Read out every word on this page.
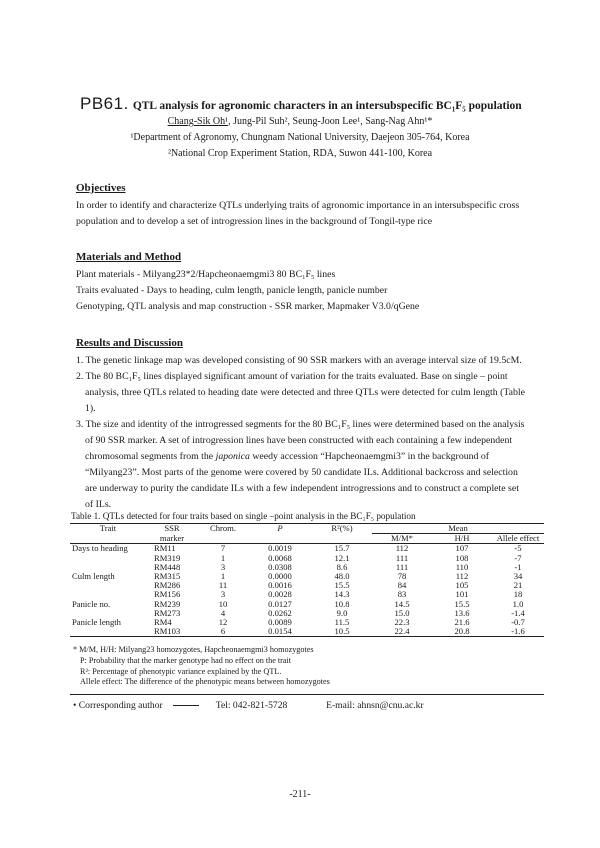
PB61. QTL analysis for agronomic characters in an intersubspecific BC₁F₅ population
Chang-Sik Oh¹, Jung-Pil Suh², Seung-Joon Lee¹, Sang-Nag Ahn¹*
¹Department of Agronomy, Chungnam National University, Daejeon 305-764, Korea
²National Crop Experiment Station, RDA, Suwon 441-100, Korea
Objectives
In order to identify and characterize QTLs underlying traits of agronomic importance in an intersubspecific cross population and to develop a set of introgression lines in the background of Tongil-type rice
Materials and Method
Plant materials - Milyang23*2/Hapcheonaemgmi3 80 BC₁F₅ lines
Traits evaluated - Days to heading, culm length, panicle length, panicle number
Genotyping, QTL analysis and map construction - SSR marker, Mapmaker V3.0/qGene
Results and Discussion

1. The genetic linkage map was developed consisting of 90 SSR markers with an average interval size of 19.5cM.

2. The 80 BC₁F₅ lines displayed significant amount of variation for the traits evaluated. Base on single – point analysis, three QTLs related to heading date were detected and three QTLs were detected for culm length (Table 1).

3. The size and identity of the introgressed segments for the 80 BC₁F₅ lines were determined based on the analysis of 90 SSR marker. A set of introgression lines have been constructed with each containing a few independent chromosomal segments from the japonica weedy accession “Hapcheonaemgmi3” in the background of “Milyang23”. Most parts of the genome were covered by 50 candidate ILs. Additional backcross and selection are underway to purity the candidate ILs with a few independent introgressions and to construct a complete set of ILs.

Table 1. QTLs detected for four traits based on single –point analysis in the BC₁F₅ population
Trait	SSR	Chrom.	P	R²(%)	Mean		
	marker				M/M*	H/H	Allele effect
Days to heading	RM11	7	0.0019	15.7	112	107	-5
	RM319	1	0.0068	12.1	111	108	-7
	RM448	3	0.0308	8.6	111	110	-1
Culm length	RM315	1	0.0000	48.0	78	112	34
	RM286	11	0.0016	15.5	84	105	21
	RM156	3	0.0028	14.3	83	101	18
Panicle no.	RM239	10	0.0127	10.8	14.5	15.5	1.0
	RM273	4	0.0262	9.0	15.0	13.6	-1.4
Panicle length	RM4	12	0.0089	11.5	22.3	21.6	-0.7
	RM103	6	0.0154	10.5	22.4	20.8	-1.6
* M/M, H/H: Milyang23 homozygotes, Hapcheonaemgmi3 homozygotes
P: Probability that the marker genotype had no effect on the trait
R²: Percentage of phenotypic variance explained by the QTL.
Allele effect: The difference of the phenotypic means between homozygotes
• Corresponding author	Tel: 042-821-5728	E-mail: ahnsn@cnu.ac.kr
-211-
